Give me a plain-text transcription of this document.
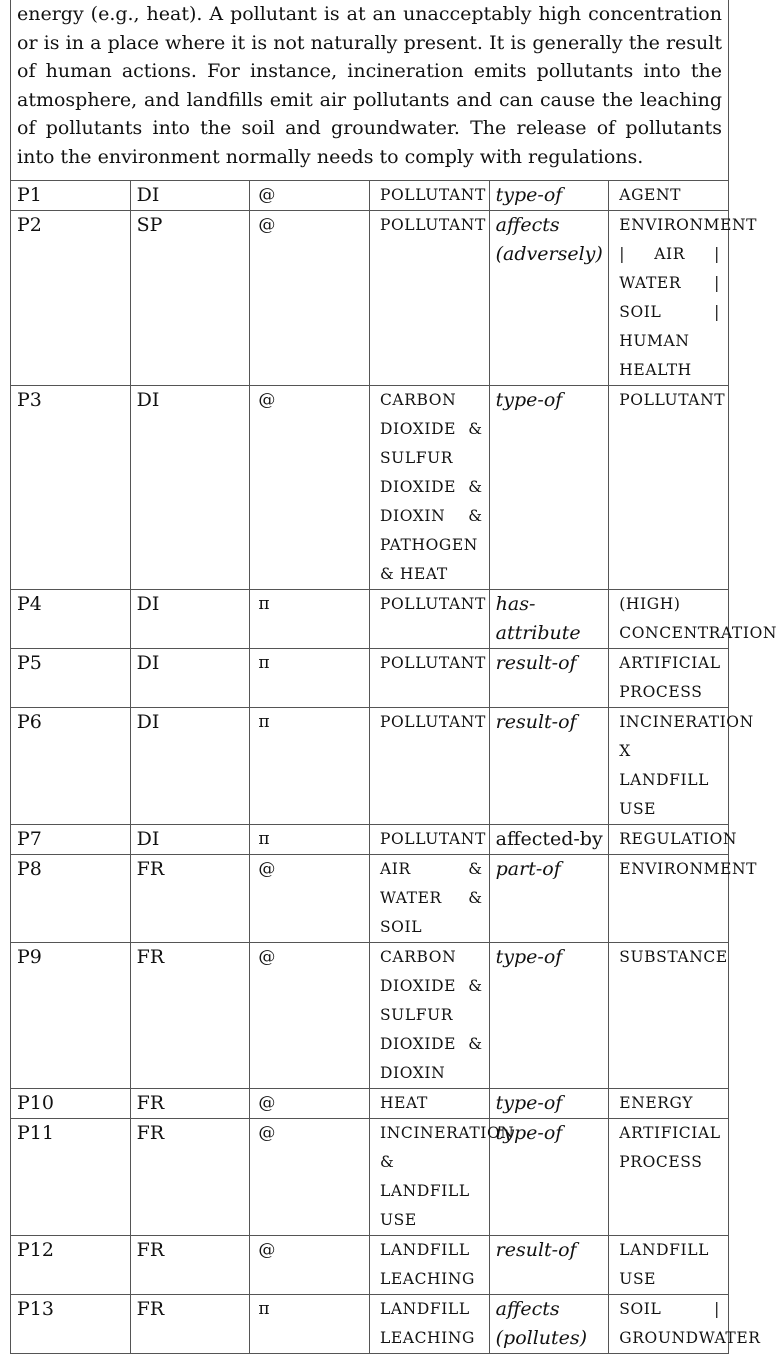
energy (e.g., heat). A pollutant is at an unacceptably high concentration or is in a place where it is not naturally present. It is generally the result of human actions. For instance, incineration emits pollutants into the atmosphere, and landfills emit air pollutants and can cause the leaching of pollutants into the soil and groundwater. The release of pollutants into the environment normally needs to comply with regulations.					
P1	DI	@	POLLUTANT	type-of	AGENT
P2	SP	@	POLLUTANT	affects (adversely)	ENVIRONMENT | AIR | WATER | SOIL | HUMAN HEALTH
P3	DI	@	CARBON DIOXIDE & SULFUR DIOXIDE & DIOXIN & PATHOGEN & HEAT	type-of	POLLUTANT
P4	DI	π	POLLUTANT	has-attribute	(HIGH) CONCENTRATION
P5	DI	π	POLLUTANT	result-of	ARTIFICIAL PROCESS
P6	DI	π	POLLUTANT	result-of	INCINERATION X LANDFILL USE
P7	DI	π	POLLUTANT	affected-by	REGULATION
P8	FR	@	AIR & WATER & SOIL	part-of	ENVIRONMENT
P9	FR	@	CARBON DIOXIDE & SULFUR DIOXIDE & DIOXIN	type-of	SUBSTANCE
P10	FR	@	HEAT	type-of	ENERGY
P11	FR	@	INCINERATION & LANDFILL USE	type-of	ARTIFICIAL PROCESS
P12	FR	@	LANDFILL LEACHING	result-of	LANDFILL USE
P13	FR	π	LANDFILL LEACHING	affects (pollutes)	SOIL | GROUNDWATER
